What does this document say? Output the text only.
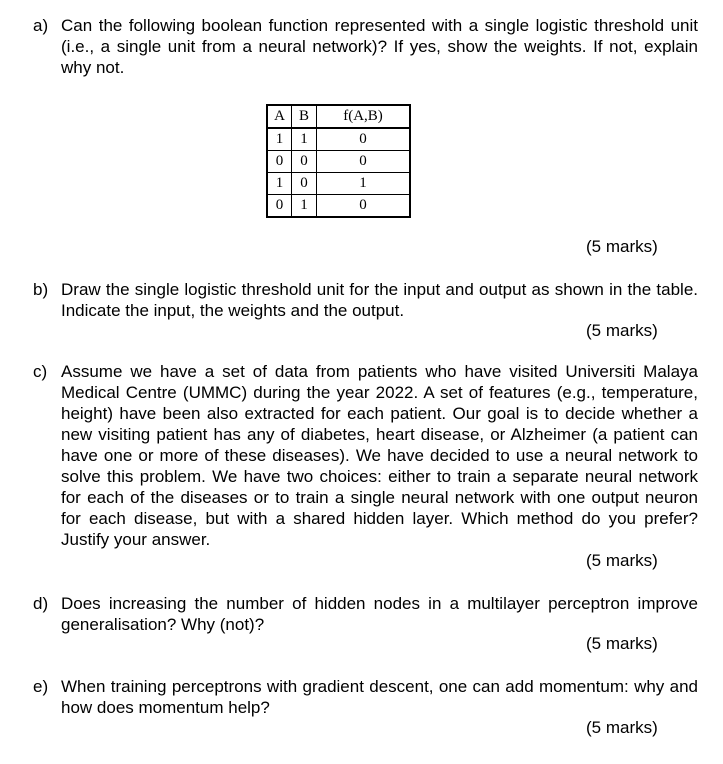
a) Can the following boolean function represented with a single logistic threshold unit (i.e., a single unit from a neural network)? If yes, show the weights. If not, explain why not.
A	B	f(A,B)
1	1	0
0	0	0
1	0	1
0	1	0
(5 marks)
b) Draw the single logistic threshold unit for the input and output as shown in the table. Indicate the input, the weights and the output.
(5 marks)
c) Assume we have a set of data from patients who have visited Universiti Malaya Medical Centre (UMMC) during the year 2022. A set of features (e.g., temperature, height) have been also extracted for each patient. Our goal is to decide whether a new visiting patient has any of diabetes, heart disease, or Alzheimer (a patient can have one or more of these diseases). We have decided to use a neural network to solve this problem. We have two choices: either to train a separate neural network for each of the diseases or to train a single neural network with one output neuron for each disease, but with a shared hidden layer. Which method do you prefer? Justify your answer.
(5 marks)
d) Does increasing the number of hidden nodes in a multilayer perceptron improve generalisation? Why (not)?
(5 marks)
e) When training perceptrons with gradient descent, one can add momentum: why and how does momentum help?
(5 marks)
